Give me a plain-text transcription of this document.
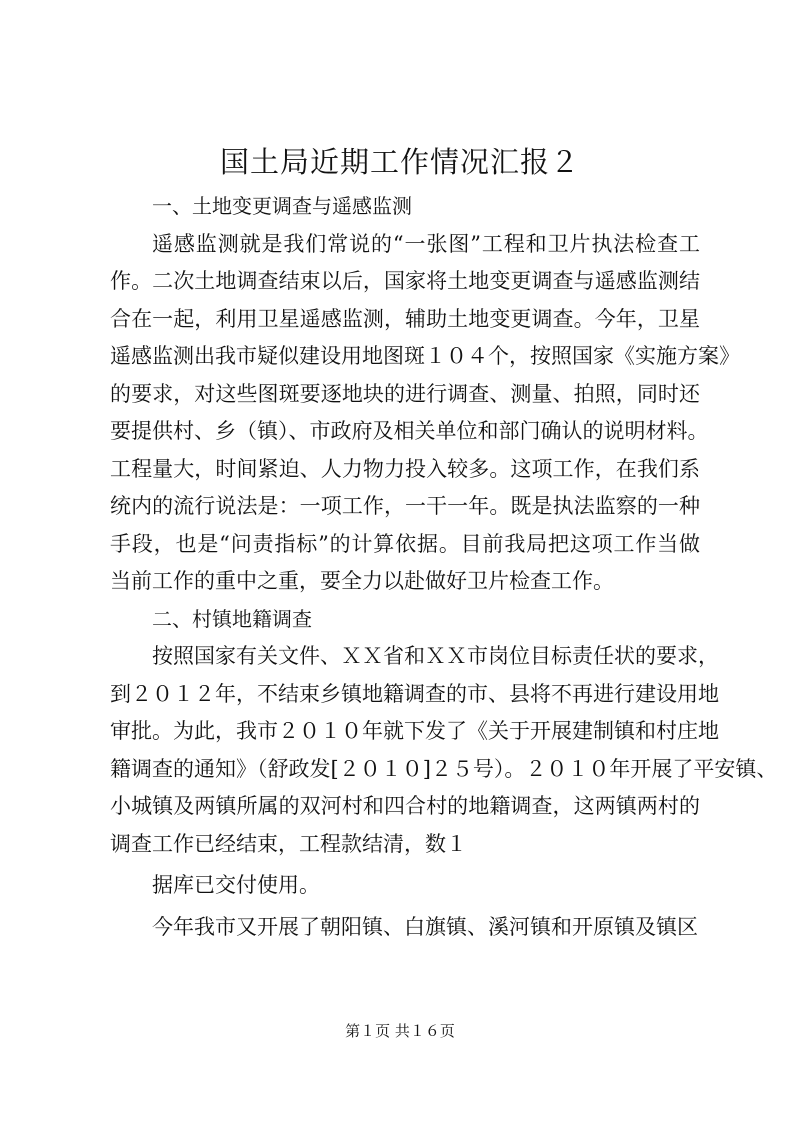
国土局近期工作情况汇报２
一、土地变更调查与遥感监测
遥感监测就是我们常说的“一张图”工程和卫片执法检查工
作。二次土地调查结束以后，国家将土地变更调查与遥感监测结
合在一起，利用卫星遥感监测，辅助土地变更调查。今年，卫星
遥感监测出我市疑似建设用地图斑１０４个，按照国家《实施方案》
的要求，对这些图斑要逐地块的进行调查、测量、拍照，同时还
要提供村、乡（镇）、市政府及相关单位和部门确认的说明材料。
工程量大，时间紧迫、人力物力投入较多。这项工作，在我们系
统内的流行说法是：一项工作，一干一年。既是执法监察的一种
手段，也是“问责指标”的计算依据。目前我局把这项工作当做
当前工作的重中之重，要全力以赴做好卫片检查工作。
二、村镇地籍调查
按照国家有关文件、ＸＸ省和ＸＸ市岗位目标责任状的要求，
到２０１２年，不结束乡镇地籍调查的市、县将不再进行建设用地
审批。为此，我市２０１０年就下发了《关于开展建制镇和村庄地
籍调查的通知》（舒政发[２０１０]２５号）。２０１０年开展了平安镇、
小城镇及两镇所属的双河村和四合村的地籍调查，这两镇两村的
调查工作已经结束，工程款结清，数１
据库已交付使用。
今年我市又开展了朝阳镇、白旗镇、溪河镇和开原镇及镇区
第１页 共１６页
